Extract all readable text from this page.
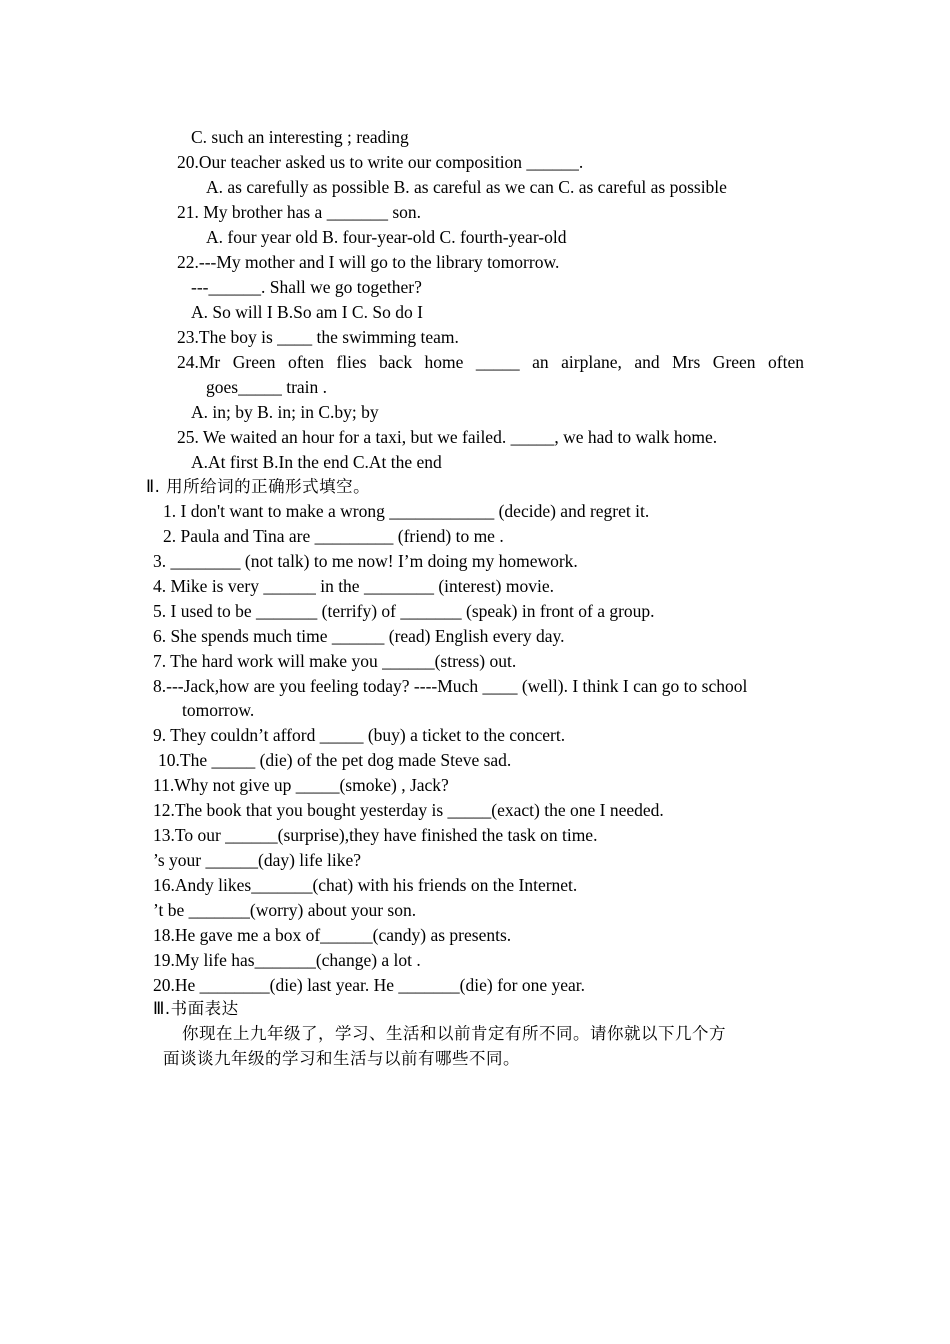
C. such an interesting ; reading
20.Our teacher asked us to write our composition ______.
A. as carefully as possible B. as careful as we can C. as careful as possible
21. My brother has a _______ son.
A. four year old B. four-year-old C. fourth-year-old
22.---My mother and I will go to the library tomorrow.
---______. Shall we go together?
A. So will I B.So am I C. So do I
23.The boy is ____ the swimming team.
24.Mr Green often flies back home _____ an airplane, and Mrs Green often
goes_____ train .
A. in; by B. in; in C.by; by
25. We waited an hour for a taxi, but we failed. _____, we had to walk home.
A.At first B.In the end C.At the end
Ⅱ. 用所给词的正确形式填空。
1. I don't want to make a wrong ____________ (decide) and regret it.
2. Paula and Tina are _________ (friend) to me .
3. ________ (not talk) to me now! I’m doing my homework.
4. Mike is very ______ in the ________ (interest) movie.
5. I used to be _______ (terrify) of _______ (speak) in front of a group.
6. She spends much time ______ (read) English every day.
7. The hard work will make you ______(stress) out.
8.---Jack,how are you feeling today? ----Much ____ (well). I think I can go to school
tomorrow.
9. They couldn’t afford _____ (buy) a ticket to the concert.
10.The _____ (die) of the pet dog made Steve sad.
11.Why not give up _____(smoke) , Jack?
12.The book that you bought yesterday is _____(exact) the one I needed.
13.To our ______(surprise),they have finished the task on time.
’s your ______(day) life like?
16.Andy likes_______(chat) with his friends on the Internet.
’t be _______(worry) about your son.
18.He gave me a box of______(candy) as presents.
19.My life has_______(change) a lot .
20.He ________(die) last year. He _______(die) for one year.
Ⅲ.书面表达
你现在上九年级了，学习、生活和以前肯定有所不同。请你就以下几个方
面谈谈九年级的学习和生活与以前有哪些不同。
